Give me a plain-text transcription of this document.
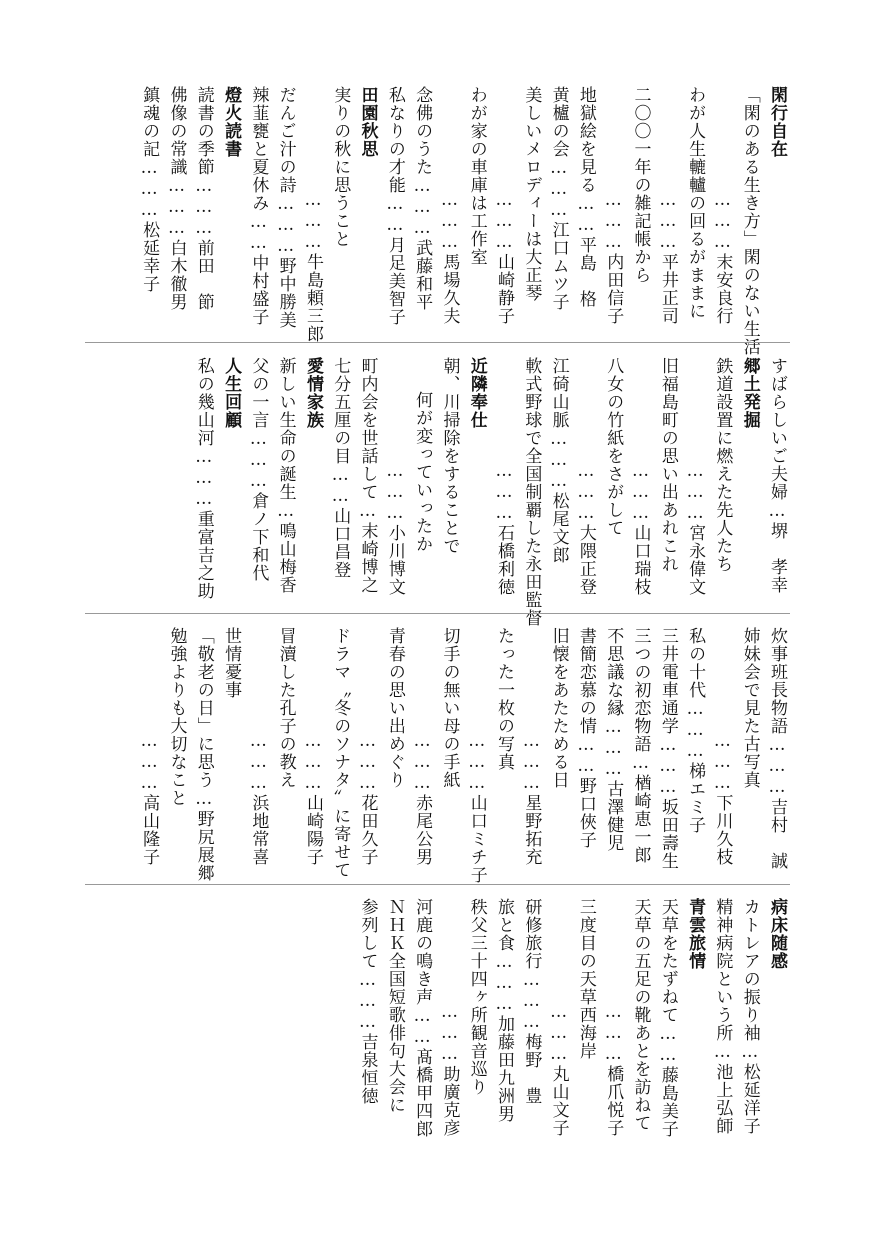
閑行自在
「閑のある生き方」閑のない生活
………末安良行
わが人生轆轤の回るがままに
………平井正司
二〇〇一年の雑記帳から
………内田信子
地獄絵を見る……平島　格
黄櫨の会………江口ムツ子
美しいメロディーは大正琴
………山崎静子
わが家の車庫は工作室
………馬場久夫
念佛のうた………武藤和平
私なりの才能……月足美智子
田園秋思
実りの秋に思うこと
………牛島頼三郎
だんご汁の詩………野中勝美
辣韮甕と夏休み……中村盛子
燈火読書
読書の季節………前田　節
佛像の常識………白木徹男
鎮魂の記………松延幸子
すばらしいご夫婦…堺　孝幸
郷土発掘
鉄道設置に燃えた先人たち
………宮永偉文
旧福島町の思い出あれこれ
………山口瑞枝
八女の竹紙をさがして
………大隈正登
江碕山脈………松尾文郎
軟式野球で全国制覇した永田監督
………石橋利徳
近隣奉仕
朝、川掃除をすることで
何が変っていったか
………小川博文
町内会を世話して…末崎博之
七分五厘の目……山口昌登
愛情家族
新しい生命の誕生…鳴山梅香
父の一言………倉ノ下和代
人生回顧
私の幾山河………重富吉之助
炊事班長物語………吉村　誠
姉妹会で見た古写真
………下川久枝
私の十代………梯エミ子
三井電車通学………坂田壽生
三つの初恋物語…楢崎恵一郎
不思議な縁………古澤健児
書簡恋慕の情……野口俠子
旧懐をあたためる日
………星野拓充
たった一枚の写真
………山口ミチ子
切手の無い母の手紙
………赤尾公男
青春の思い出めぐり
………花田久子
ドラマ〝冬のソナタ〟に寄せて
………山崎陽子
冒瀆した孔子の教え
………浜地常喜
世情憂事
「敬老の日」に思う…野尻展郷
勉強よりも大切なこと
………高山隆子
病床随感
カトレアの振り袖…松延洋子
精神病院という所…池上弘師
青雲旅情
天草をたずねて……藤島美子
天草の五足の靴あとを訪ねて
………橋爪悦子
三度目の天草西海岸
………丸山文子
研修旅行………梅野　豊
旅と食………加藤田九洲男
秩父三十四ヶ所観音巡り
………助廣克彦
河鹿の鳴き声……髙橋甲四郎
ＮＨＫ全国短歌俳句大会に
参列して………吉泉恒徳
